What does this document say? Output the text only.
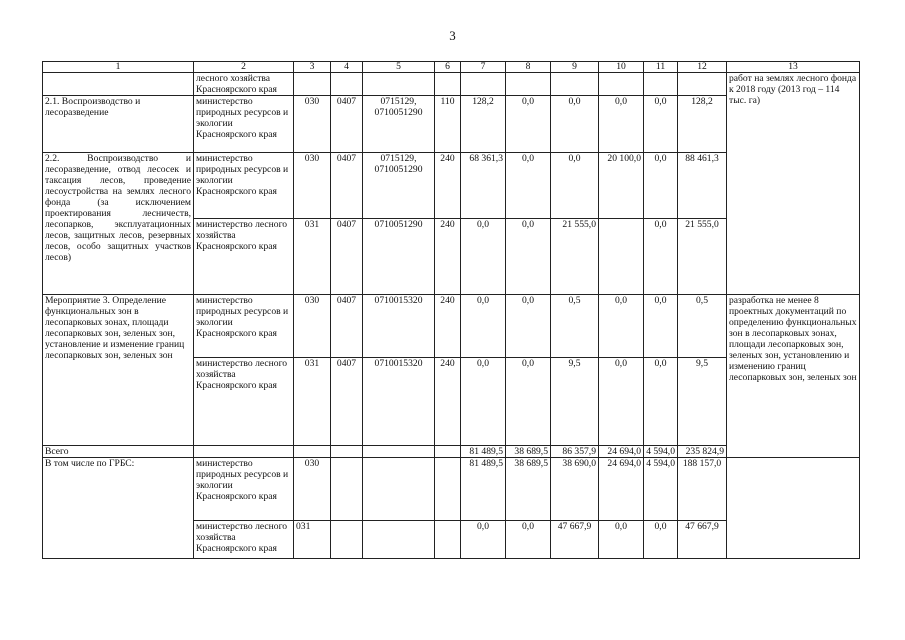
3
1	2	3	4	5	6	7	8	9	10	11	12	13
	лесного хозяйства Красноярского края											работ на землях лесного фонда к 2018 году (2013 год – 114 тыс. га)
2.1. Воспроизводство и лесоразведение	министерство природных ресурсов и экологии Красноярского края	030	0407	0715129, 0710051290	110	128,2	0,0	0,0	0,0	0,0	128,2	
2.2. Воспроизводство и лесоразведение, отвод лесосек и таксация лесов, проведение лесоустройства на землях лесного фонда (за исключением проектирования лесничеств, лесопарков, эксплуатационных лесов, защитных лесов, резервных лесов, особо защитных участков лесов)	министерство природных ресурсов и экологии Красноярского края	030	0407	0715129, 0710051290	240	68 361,3	0,0	0,0	20 100,0	0,0	88 461,3	
	министерство лесного хозяйства Красноярского края	031	0407	0710051290	240	0,0	0,0	21 555,0		0,0	21 555,0	
Мероприятие 3. Определение функциональных зон в лесопарковых зонах, площади лесопарковых зон, зеленых зон, установление и изменение границ лесопарковых зон, зеленых зон	министерство природных ресурсов и экологии Красноярского края	030	0407	0710015320	240	0,0	0,0	0,5	0,0	0,0	0,5	разработка не менее 8 проектных документаций по определению функциональных зон в лесопарковых зонах, площади лесопарковых зон, зеленых зон, установлению и изменению границ лесопарковых зон, зеленых зон
	министерство лесного хозяйства Красноярского края	031	0407	0710015320	240	0,0	0,0	9,5	0,0	0,0	9,5	
Всего						81 489,5	38 689,5	86 357,9	24 694,0	4 594,0	235 824,9	
В том числе по ГРБС:	министерство природных ресурсов и экологии Красноярского края	030				81 489,5	38 689,5	38 690,0	24 694,0	4 594,0	188 157,0	
	министерство лесного хозяйства Красноярского края	031				0,0	0,0	47 667,9	0,0	0,0	47 667,9	
